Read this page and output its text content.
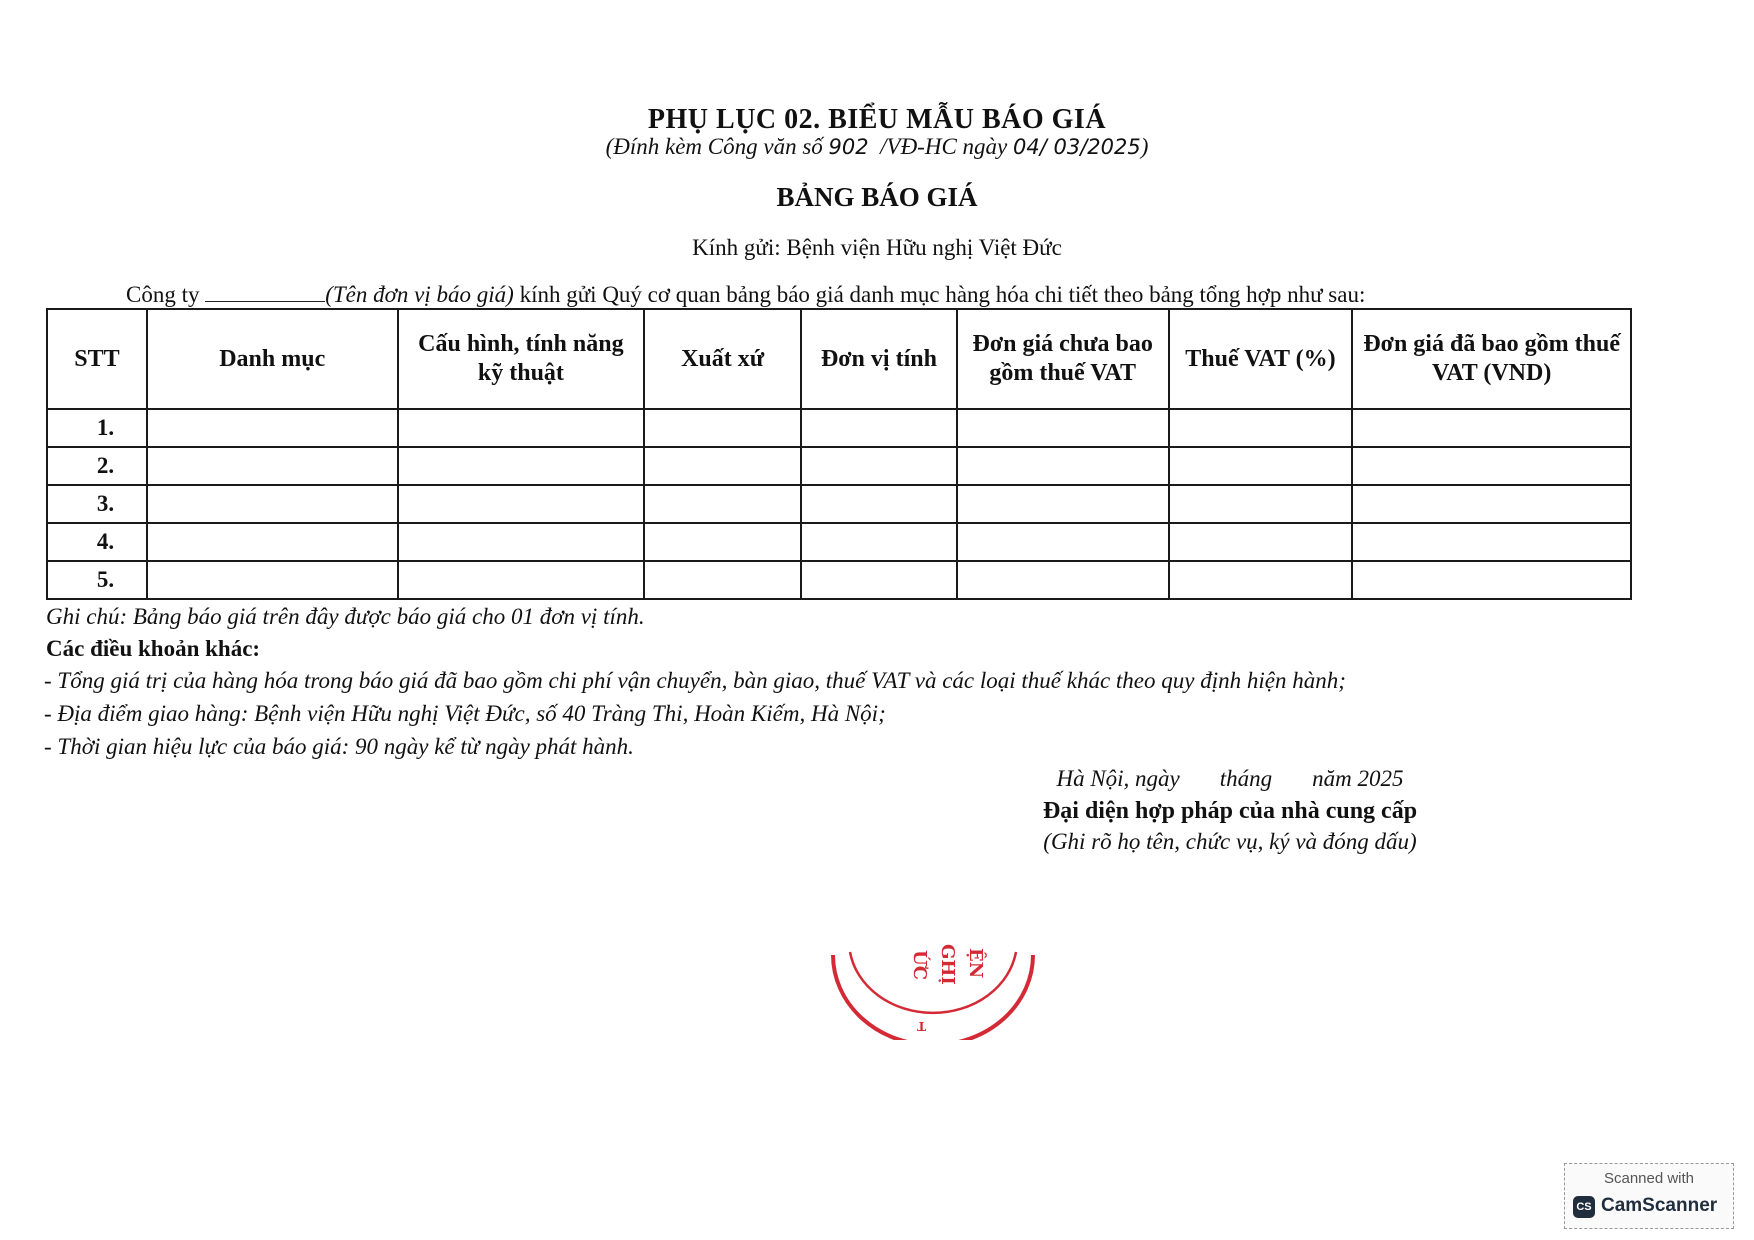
PHỤ LỤC 02. BIỂU MẪU BÁO GIÁ
(Đính kèm Công văn số 902 /VĐ-HC ngày 04/ 03/2025)
BẢNG BÁO GIÁ
Kính gửi: Bệnh viện Hữu nghị Việt Đức
Công ty	(Tên đơn vị báo giá) kính gửi Quý cơ quan bảng báo giá danh mục hàng hóa chi tiết theo bảng tổng hợp như sau:
STT	Danh mục	Cấu hình, tính năng kỹ thuật	Xuất xứ	Đơn vị tính	Đơn giá chưa bao gồm thuế VAT	Thuế VAT (%)	Đơn giá đã bao gồm thuế VAT (VND)
1.							
2.							
3.							
4.							
5.							
Ghi chú: Bảng báo giá trên đây được báo giá cho 01 đơn vị tính.
Các điều khoản khác:
- Tổng giá trị của hàng hóa trong báo giá đã bao gồm chi phí vận chuyển, bàn giao, thuế VAT và các loại thuế khác theo quy định hiện hành;
- Địa điểm giao hàng: Bệnh viện Hữu nghị Việt Đức, số 40 Tràng Thi, Hoàn Kiếm, Hà Nội;
- Thời gian hiệu lực của báo giá: 90 ngày kể từ ngày phát hành.
Hà Nội, ngày tháng năm 2025
Đại diện hợp pháp của nhà cung cấp
(Ghi rõ họ tên, chức vụ, ký và đóng dấu)
ỆN
GHỊ
ỨC
T
Scanned with
CS CamScanner
